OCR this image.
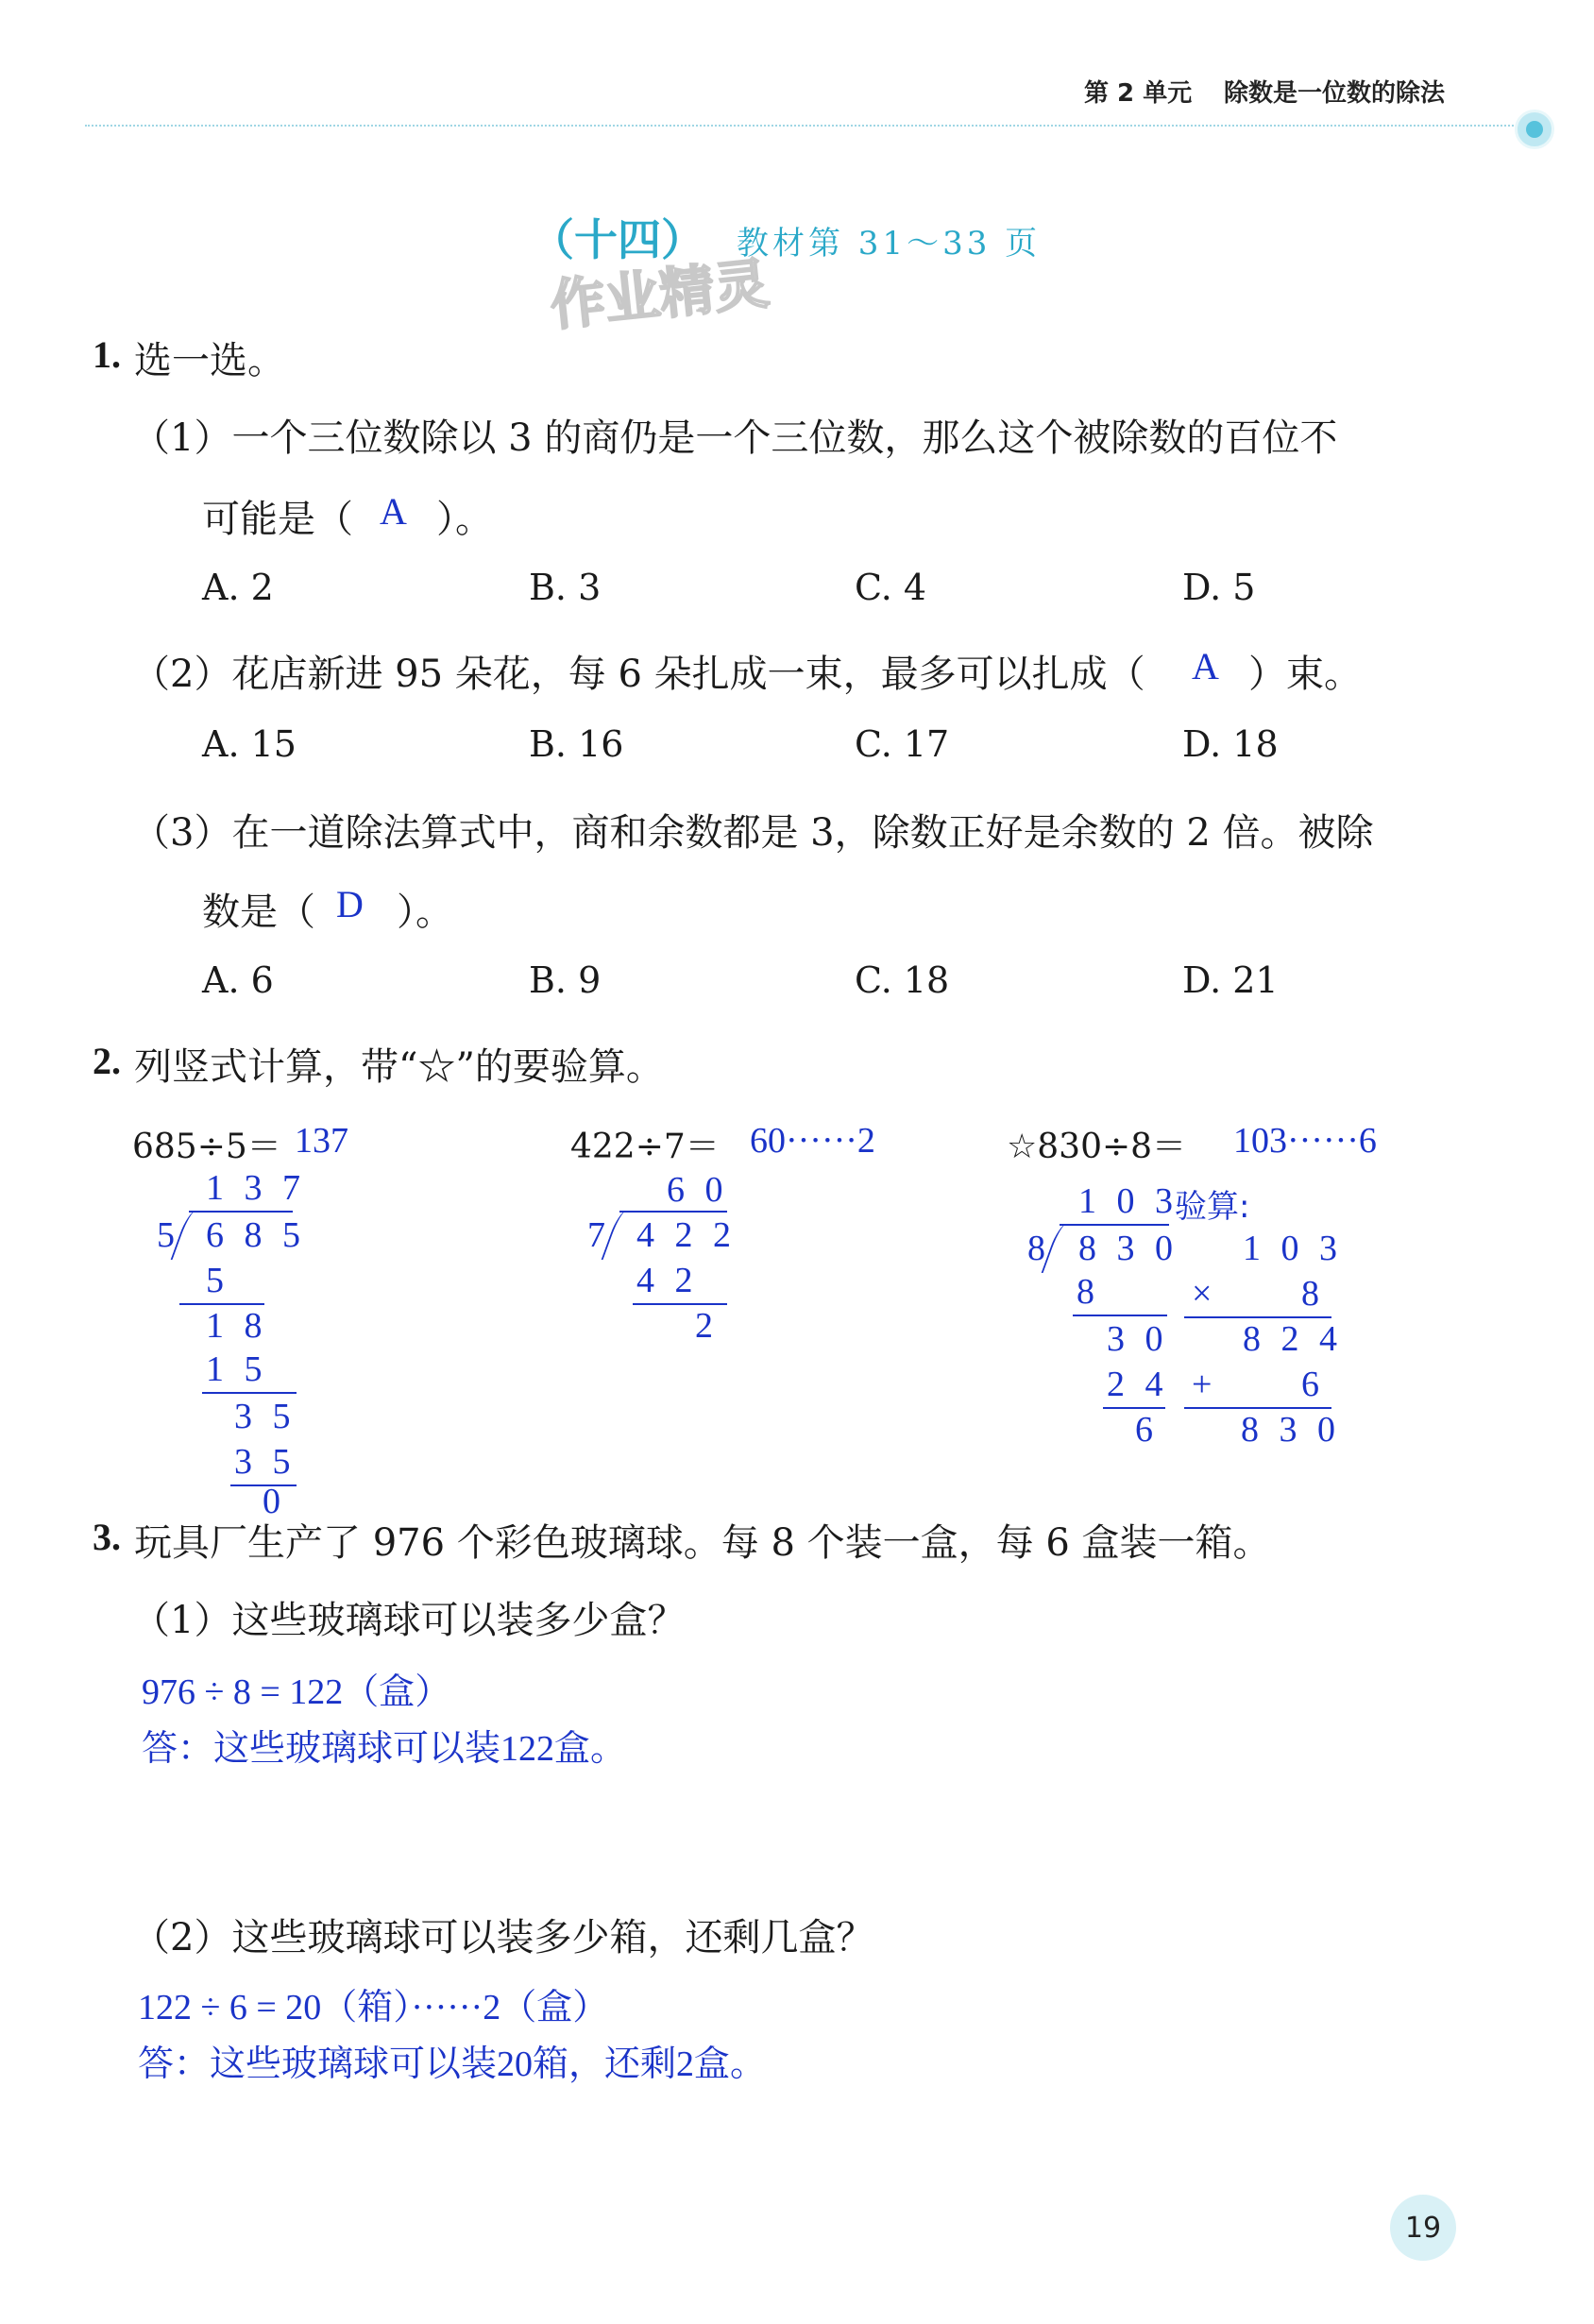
第 2 单元 除数是一位数的除法
（十四） 教材第 31～33 页
作业精灵
1. 选一选。
（1）一个三位数除以 3 的商仍是一个三位数，那么这个被除数的百位不
可能是（ A ）。
A. 2	B. 3	C. 4	D. 5
（2）花店新进 95 朵花，每 6 朵扎成一束，最多可以扎成（ A ）束。
A. 15	B. 16	C. 17	D. 18
（3）在一道除法算式中，商和余数都是 3，除数正好是余数的 2 倍。被除
数是（ D ）。
A. 6	B. 9	C. 18	D. 21
2. 列竖式计算，带“☆”的要验算。
685÷5＝ 137
1 3 7
5 6 8 5
5
1 8
1 5
3 5
3 5
0
422÷7＝ 60······2
6 0
7 4 2 2
4 2
2
☆830÷8＝ 103······6
1 0 3
验算:
8 8 3 0
8
3 0
2 4
6
1 0 3
× 8
8 2 4
+ 6
8 3 0
3. 玩具厂生产了 976 个彩色玻璃球。每 8 个装一盒，每 6 盒装一箱。
（1）这些玻璃球可以装多少盒？
976 ÷ 8 = 122（盒）
答：这些玻璃球可以装122盒。
（2）这些玻璃球可以装多少箱，还剩几盒？
122 ÷ 6 = 20（箱）······2（盒）
答：这些玻璃球可以装20箱，还剩2盒。
19
